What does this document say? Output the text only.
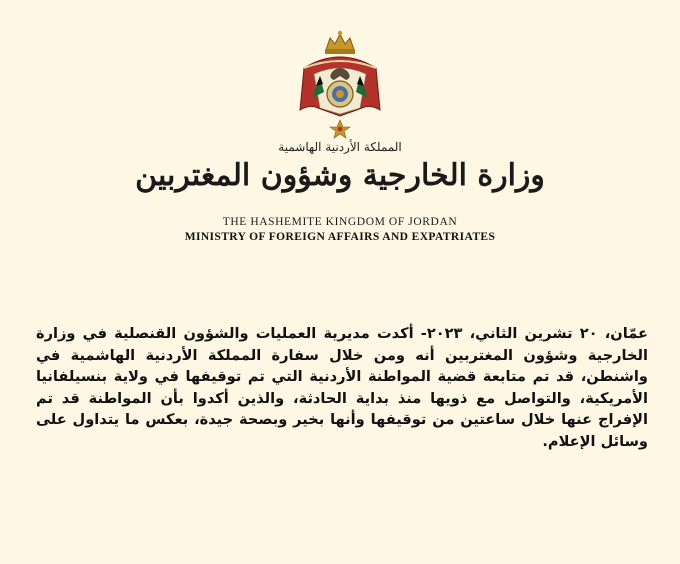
المملكة الأردنية الهاشمية
وزارة الخارجية وشؤون المغتربين
THE HASHEMITE KINGDOM OF JORDAN
MINISTRY OF FOREIGN AFFAIRS AND EXPATRIATES
عمّان، ٢٠ تشرين الثاني، ٢٠٢٣- أكدت مديرية العمليات والشؤون القنصلية في وزارة الخارجية وشؤون المغتربين أنه ومن خلال سفارة المملكة الأردنية الهاشمية في واشنطن، قد تم متابعة قضية المواطنة الأردنية التي تم توقيفها في ولاية بنسيلفانيا الأمريكية، والتواصل مع ذويها منذ بداية الحادثة، والذين أكدوا بأن المواطنة قد تم الإفراج عنها خلال ساعتين من توقيفها وأنها بخير وبصحة جيدة، بعكس ما يتداول على وسائل الإعلام.
